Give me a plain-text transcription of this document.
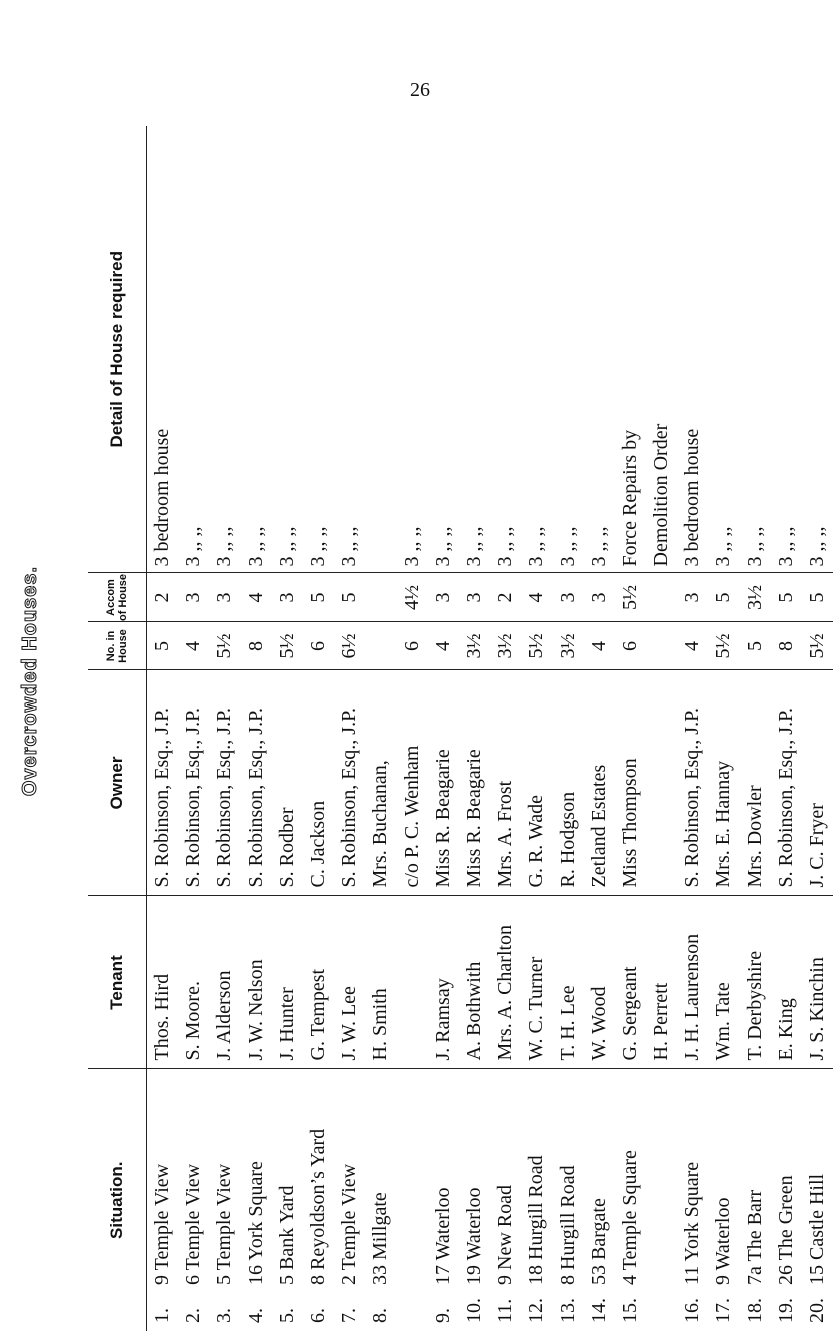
26
Overcrowded Houses.
Situation.	Tenant	Owner	No. in House	Accom of House	Detail of House required
1.9 Temple View	Thos. Hird	S. Robinson, Esq., J.P.	5	2	3 bedroom house
2.6 Temple View	S. Moore.	S. Robinson, Esq., J.P.	4	3	3 ,, ,,
3.5 Temple View	J. Alderson	S. Robinson, Esq., J.P.	5½	3	3 ,, ,,
4.16 York Square	J. W. Nelson	S. Robinson, Esq., J.P.	8	4	3 ,, ,,
5.5 Bank Yard	J. Hunter	S. Rodber	5½	3	3 ,, ,,
6.8 Reyoldson’s Yard	G. Tempest	C. Jackson	6	5	3 ,, ,,
7.2 Temple View	J. W. Lee	S. Robinson, Esq., J.P.	6½	5	3 ,, ,,
8.33 Millgate	H. Smith	Mrs. Buchanan,			
		c/o P. C. Wenham	6	4½	3 ,, ,,
9.17 Waterloo	J. Ramsay	Miss R. Beagarie	4	3	3 ,, ,,
10.19 Waterloo	A. Bothwith	Miss R. Beagarie	3½	3	3 ,, ,,
11.9 New Road	Mrs. A. Charlton	Mrs. A. Frost	3½	2	3 ,, ,,
12.18 Hurgill Road	W. C. Turner	G. R. Wade	5½	4	3 ,, ,,
13.8 Hurgill Road	T. H. Lee	R. Hodgson	3½	3	3 ,, ,,
14.53 Bargate	W. Wood	Zetland Estates	4	3	3 ,, ,,
15.4 Temple Square	G. Sergeant	Miss Thompson	6	5½	Force Repairs by
	H. Perrett				Demolition Order
16.11 York Square	J. H. Laurenson	S. Robinson, Esq., J.P.	4	3	3 bedroom house
17.9 Waterloo	Wm. Tate	Mrs. E. Hannay	5½	5	3 ,, ,,
18.7a The Barr	T. Derbyshire	Mrs. Dowler	5	3½	3 ,, ,,
19.26 The Green	E. King	S. Robinson, Esq., J.P.	8	5	3 ,, ,,
20.15 Castle Hill	J. S. Kinchin	J. C. Fryer	5½	5	3 ,, ,,
